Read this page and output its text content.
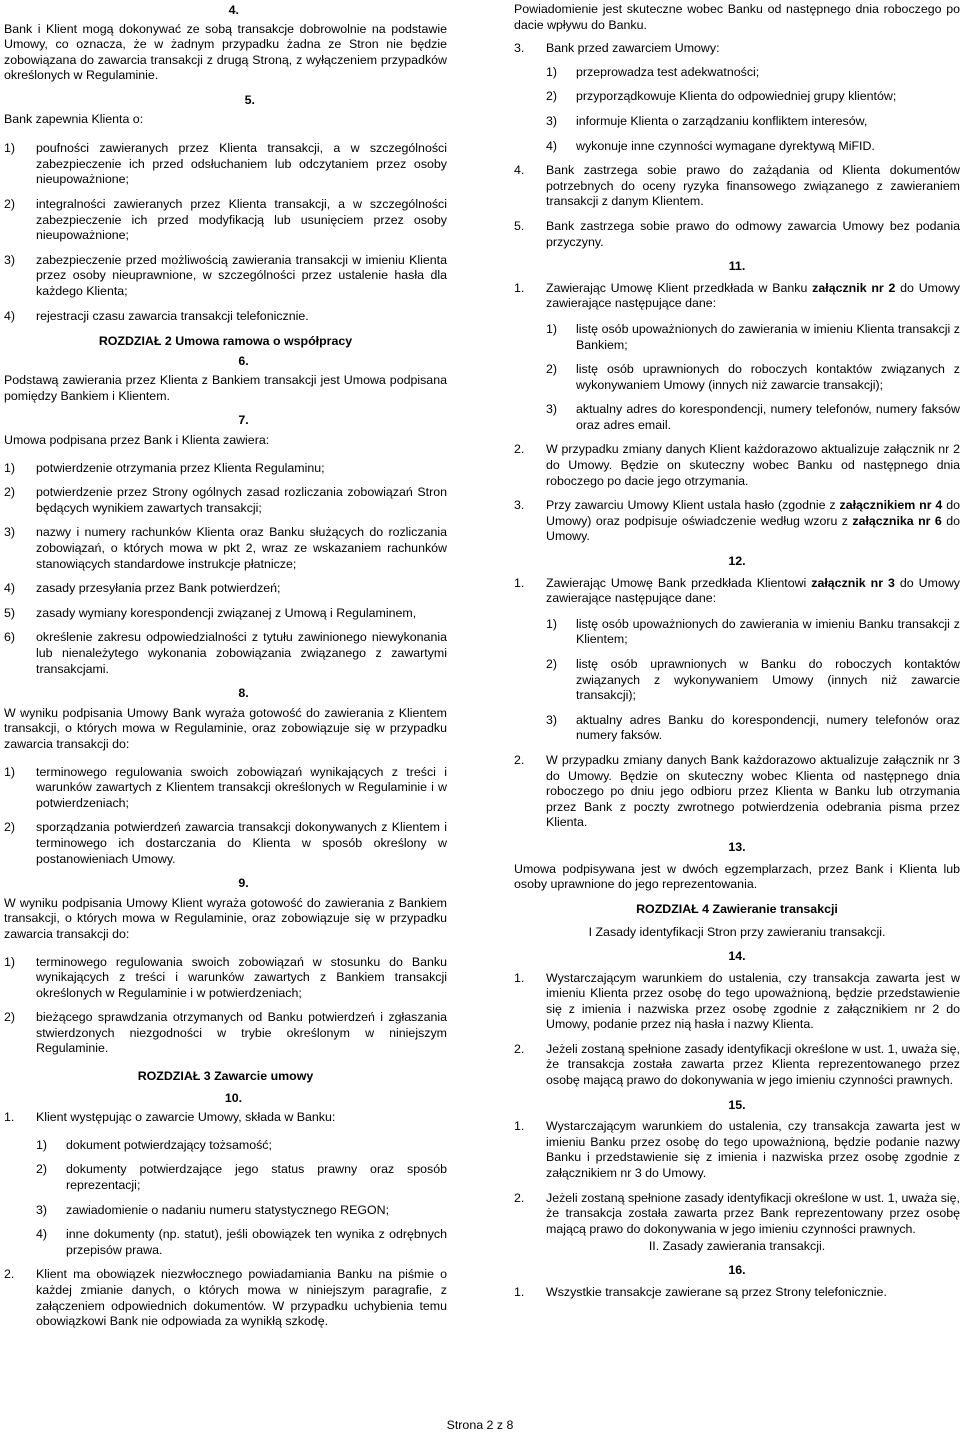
4.

Bank i Klient mogą dokonywać ze sobą transakcje dobrowolnie na podstawie Umowy, co oznacza, że w żadnym przypadku żadna ze Stron nie będzie zobowiązana do zawarcia transakcji z drugą Stroną, z wyłączeniem przypadków określonych w Regulaminie.

5.

Bank zapewnia Klienta o:

1)	poufności zawieranych przez Klienta transakcji, a w szczególności zabezpieczenie ich przed odsłuchaniem lub odczytaniem przez osoby nieupoważnione;
2)	integralności zawieranych przez Klienta transakcji, a w szczególności zabezpieczenie ich przed modyfikacją lub usunięciem przez osoby nieupoważnione;
3)	zabezpieczenie przed możliwością zawierania transakcji w imieniu Klienta przez osoby nieuprawnione, w szczególności przez ustalenie hasła dla każdego Klienta;
4)	rejestracji czasu zawarcia transakcji telefonicznie.
ROZDZIAŁ 2 Umowa ramowa o współpracy
6.

Podstawą zawierania przez Klienta z Bankiem transakcji jest Umowa podpisana pomiędzy Bankiem i Klientem.

7.

Umowa podpisana przez Bank i Klienta zawiera:

1)	potwierdzenie otrzymania przez Klienta Regulaminu;
2)	potwierdzenie przez Strony ogólnych zasad rozliczania zobowiązań Stron będących wynikiem zawartych transakcji;
3)	nazwy i numery rachunków Klienta oraz Banku służących do rozliczania zobowiązań, o których mowa w pkt 2, wraz ze wskazaniem rachunków stanowiących standardowe instrukcje płatnicze;
4)	zasady przesyłania przez Bank potwierdzeń;
5)	zasady wymiany korespondencji związanej z Umową i Regulaminem,
6)	określenie zakresu odpowiedzialności z tytułu zawinionego niewykonania lub nienależytego wykonania zobowiązania związanego z zawartymi transakcjami.
8.

W wyniku podpisania Umowy Bank wyraża gotowość do zawierania z Klientem transakcji, o których mowa w Regulaminie, oraz zobowiązuje się w przypadku zawarcia transakcji do:

1)	terminowego regulowania swoich zobowiązań wynikających z treści i warunków zawartych z Klientem transakcji określonych w Regulaminie i w potwierdzeniach;
2)	sporządzania potwierdzeń zawarcia transakcji dokonywanych z Klientem i terminowego ich dostarczania do Klienta w sposób określony w postanowieniach Umowy.
9.

W wyniku podpisania Umowy Klient wyraża gotowość do zawierania z Bankiem transakcji, o których mowa w Regulaminie, oraz zobowiązuje się w przypadku zawarcia transakcji do:

1)	terminowego regulowania swoich zobowiązań w stosunku do Banku wynikających z treści i warunków zawartych z Bankiem transakcji określonych w Regulaminie i w potwierdzeniach;
2)	bieżącego sprawdzania otrzymanych od Banku potwierdzeń i zgłaszania stwierdzonych niezgodności w trybie określonym w niniejszym Regulaminie.
ROZDZIAŁ 3 Zawarcie umowy
10.
1.	Klient występując o zawarcie Umowy, składa w Banku:
1)	dokument potwierdzający tożsamość;
2)	dokumenty potwierdzające jego status prawny oraz sposób reprezentacji;
3)	zawiadomienie o nadaniu numeru statystycznego REGON;
4)	inne dokumenty (np. statut), jeśli obowiązek ten wynika z odrębnych przepisów prawa.
2.	Klient ma obowiązek niezwłocznego powiadamiania Banku na piśmie o każdej zmianie danych, o których mowa w niniejszym paragrafie, z załączeniem odpowiednich dokumentów. W przypadku uchybienia temu obowiązkowi Bank nie odpowiada za wynikłą szkodę.

Powiadomienie jest skuteczne wobec Banku od następnego dnia roboczego po dacie wpływu do Banku.

3.	Bank przed zawarciem Umowy:
1)	przeprowadza test adekwatności;
2)	przyporządkowuje Klienta do odpowiedniej grupy klientów;
3)	informuje Klienta o zarządzaniu konfliktem interesów,
4)	wykonuje inne czynności wymagane dyrektywą MiFID.
4.	Bank zastrzega sobie prawo do zażądania od Klienta dokumentów potrzebnych do oceny ryzyka finansowego związanego z zawieraniem transakcji z danym Klientem.
5.	Bank zastrzega sobie prawo do odmowy zawarcia Umowy bez podania przyczyny.
11.
1.	Zawierając Umowę Klient przedkłada w Banku załącznik nr 2 do Umowy zawierające następujące dane:
1)	listę osób upoważnionych do zawierania w imieniu Klienta transakcji z Bankiem;
2)	listę osób uprawnionych do roboczych kontaktów związanych z wykonywaniem Umowy (innych niż zawarcie transakcji);
3)	aktualny adres do korespondencji, numery telefonów, numery faksów oraz adres email.
2.	W przypadku zmiany danych Klient każdorazowo aktualizuje załącznik nr 2 do Umowy. Będzie on skuteczny wobec Banku od następnego dnia roboczego po dacie jego otrzymania.
3.	Przy zawarciu Umowy Klient ustala hasło (zgodnie z załącznikiem nr 4 do Umowy) oraz podpisuje oświadczenie według wzoru z załącznika nr 6 do Umowy.
12.
1.	Zawierając Umowę Bank przedkłada Klientowi załącznik nr 3 do Umowy zawierające następujące dane:
1)	listę osób upoważnionych do zawierania w imieniu Banku transakcji z Klientem;
2)	listę osób uprawnionych w Banku do roboczych kontaktów związanych z wykonywaniem Umowy (innych niż zawarcie transakcji);
3)	aktualny adres Banku do korespondencji, numery telefonów oraz numery faksów.
2.	W przypadku zmiany danych Bank każdorazowo aktualizuje załącznik nr 3 do Umowy. Będzie on skuteczny wobec Klienta od następnego dnia roboczego po dniu jego odbioru przez Klienta w Banku lub otrzymania przez Bank z poczty zwrotnego potwierdzenia odebrania pisma przez Klienta.
13.

Umowa podpisywana jest w dwóch egzemplarzach, przez Bank i Klienta lub osoby uprawnione do jego reprezentowania.

ROZDZIAŁ 4 Zawieranie transakcji
I Zasady identyfikacji Stron przy zawieraniu transakcji.
14.
1.	Wystarczającym warunkiem do ustalenia, czy transakcja zawarta jest w imieniu Klienta przez osobę do tego upoważnioną, będzie przedstawienie się z imienia i nazwiska przez osobę zgodnie z załącznikiem nr 2 do Umowy, podanie przez nią hasła i nazwy Klienta.
2.	Jeżeli zostaną spełnione zasady identyfikacji określone w ust. 1, uważa się, że transakcja została zawarta przez Klienta reprezentowanego przez osobę mającą prawo do dokonywania w jego imieniu czynności prawnych.
15.
1.	Wystarczającym warunkiem do ustalenia, czy transakcja zawarta jest w imieniu Banku przez osobę do tego upoważnioną, będzie podanie nazwy Banku i przedstawienie się z imienia i nazwiska przez osobę zgodnie z załącznikiem nr 3 do Umowy.
2.	Jeżeli zostaną spełnione zasady identyfikacji określone w ust. 1, uważa się, że transakcja została zawarta przez Bank reprezentowany przez osobę mającą prawo do dokonywania w jego imieniu czynności prawnych.
II. Zasady zawierania transakcji.
16.
1.	Wszystkie transakcje zawierane są przez Strony telefonicznie.
Strona 2 z 8
